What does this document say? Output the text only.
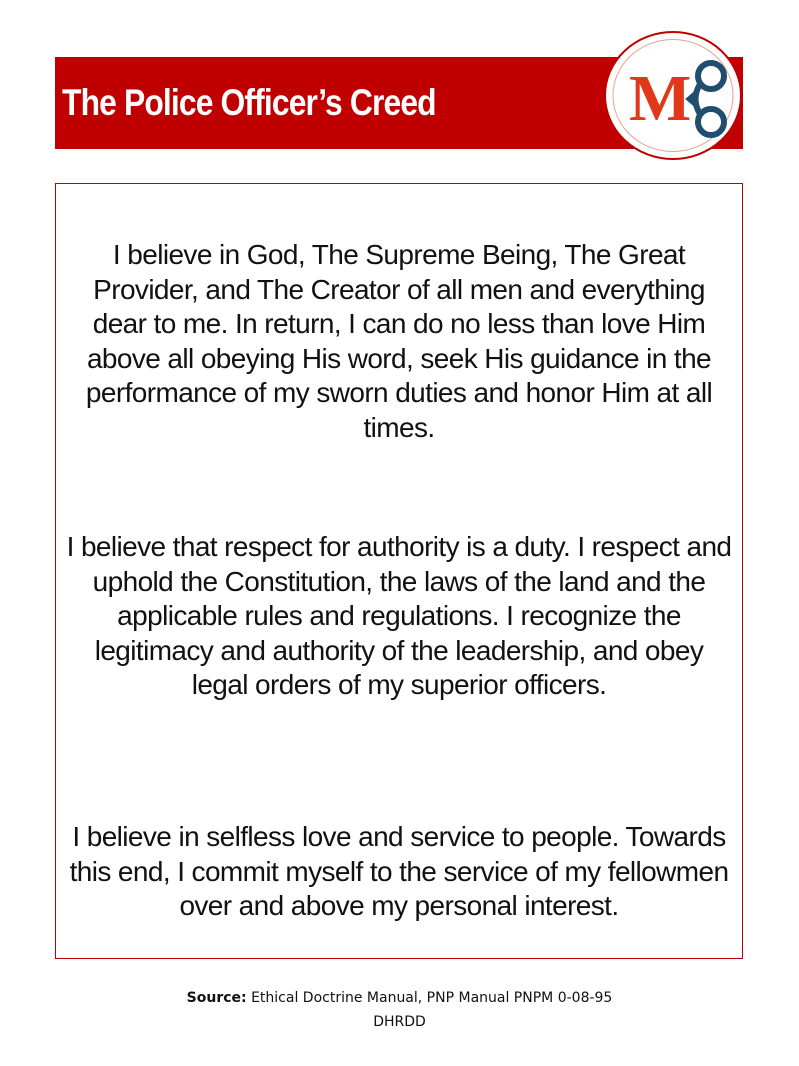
The Police Officer’s Creed	M

I believe in God, The Supreme Being, The Great Provider, and The Creator of all men and everything dear to me. In return, I can do no less than love Him above all obeying His word, seek His guidance in the performance of my sworn duties and honor Him at all times.

I believe that respect for authority is a duty. I respect and uphold the Constitution, the laws of the land and the applicable rules and regulations. I recognize the legitimacy and authority of the leadership, and obey legal orders of my superior officers.

I believe in selfless love and service to people. Towards this end, I commit myself to the service of my fellowmen over and above my personal interest.

Source: Ethical Doctrine Manual, PNP Manual PNPM 0-08-95
DHRDD
